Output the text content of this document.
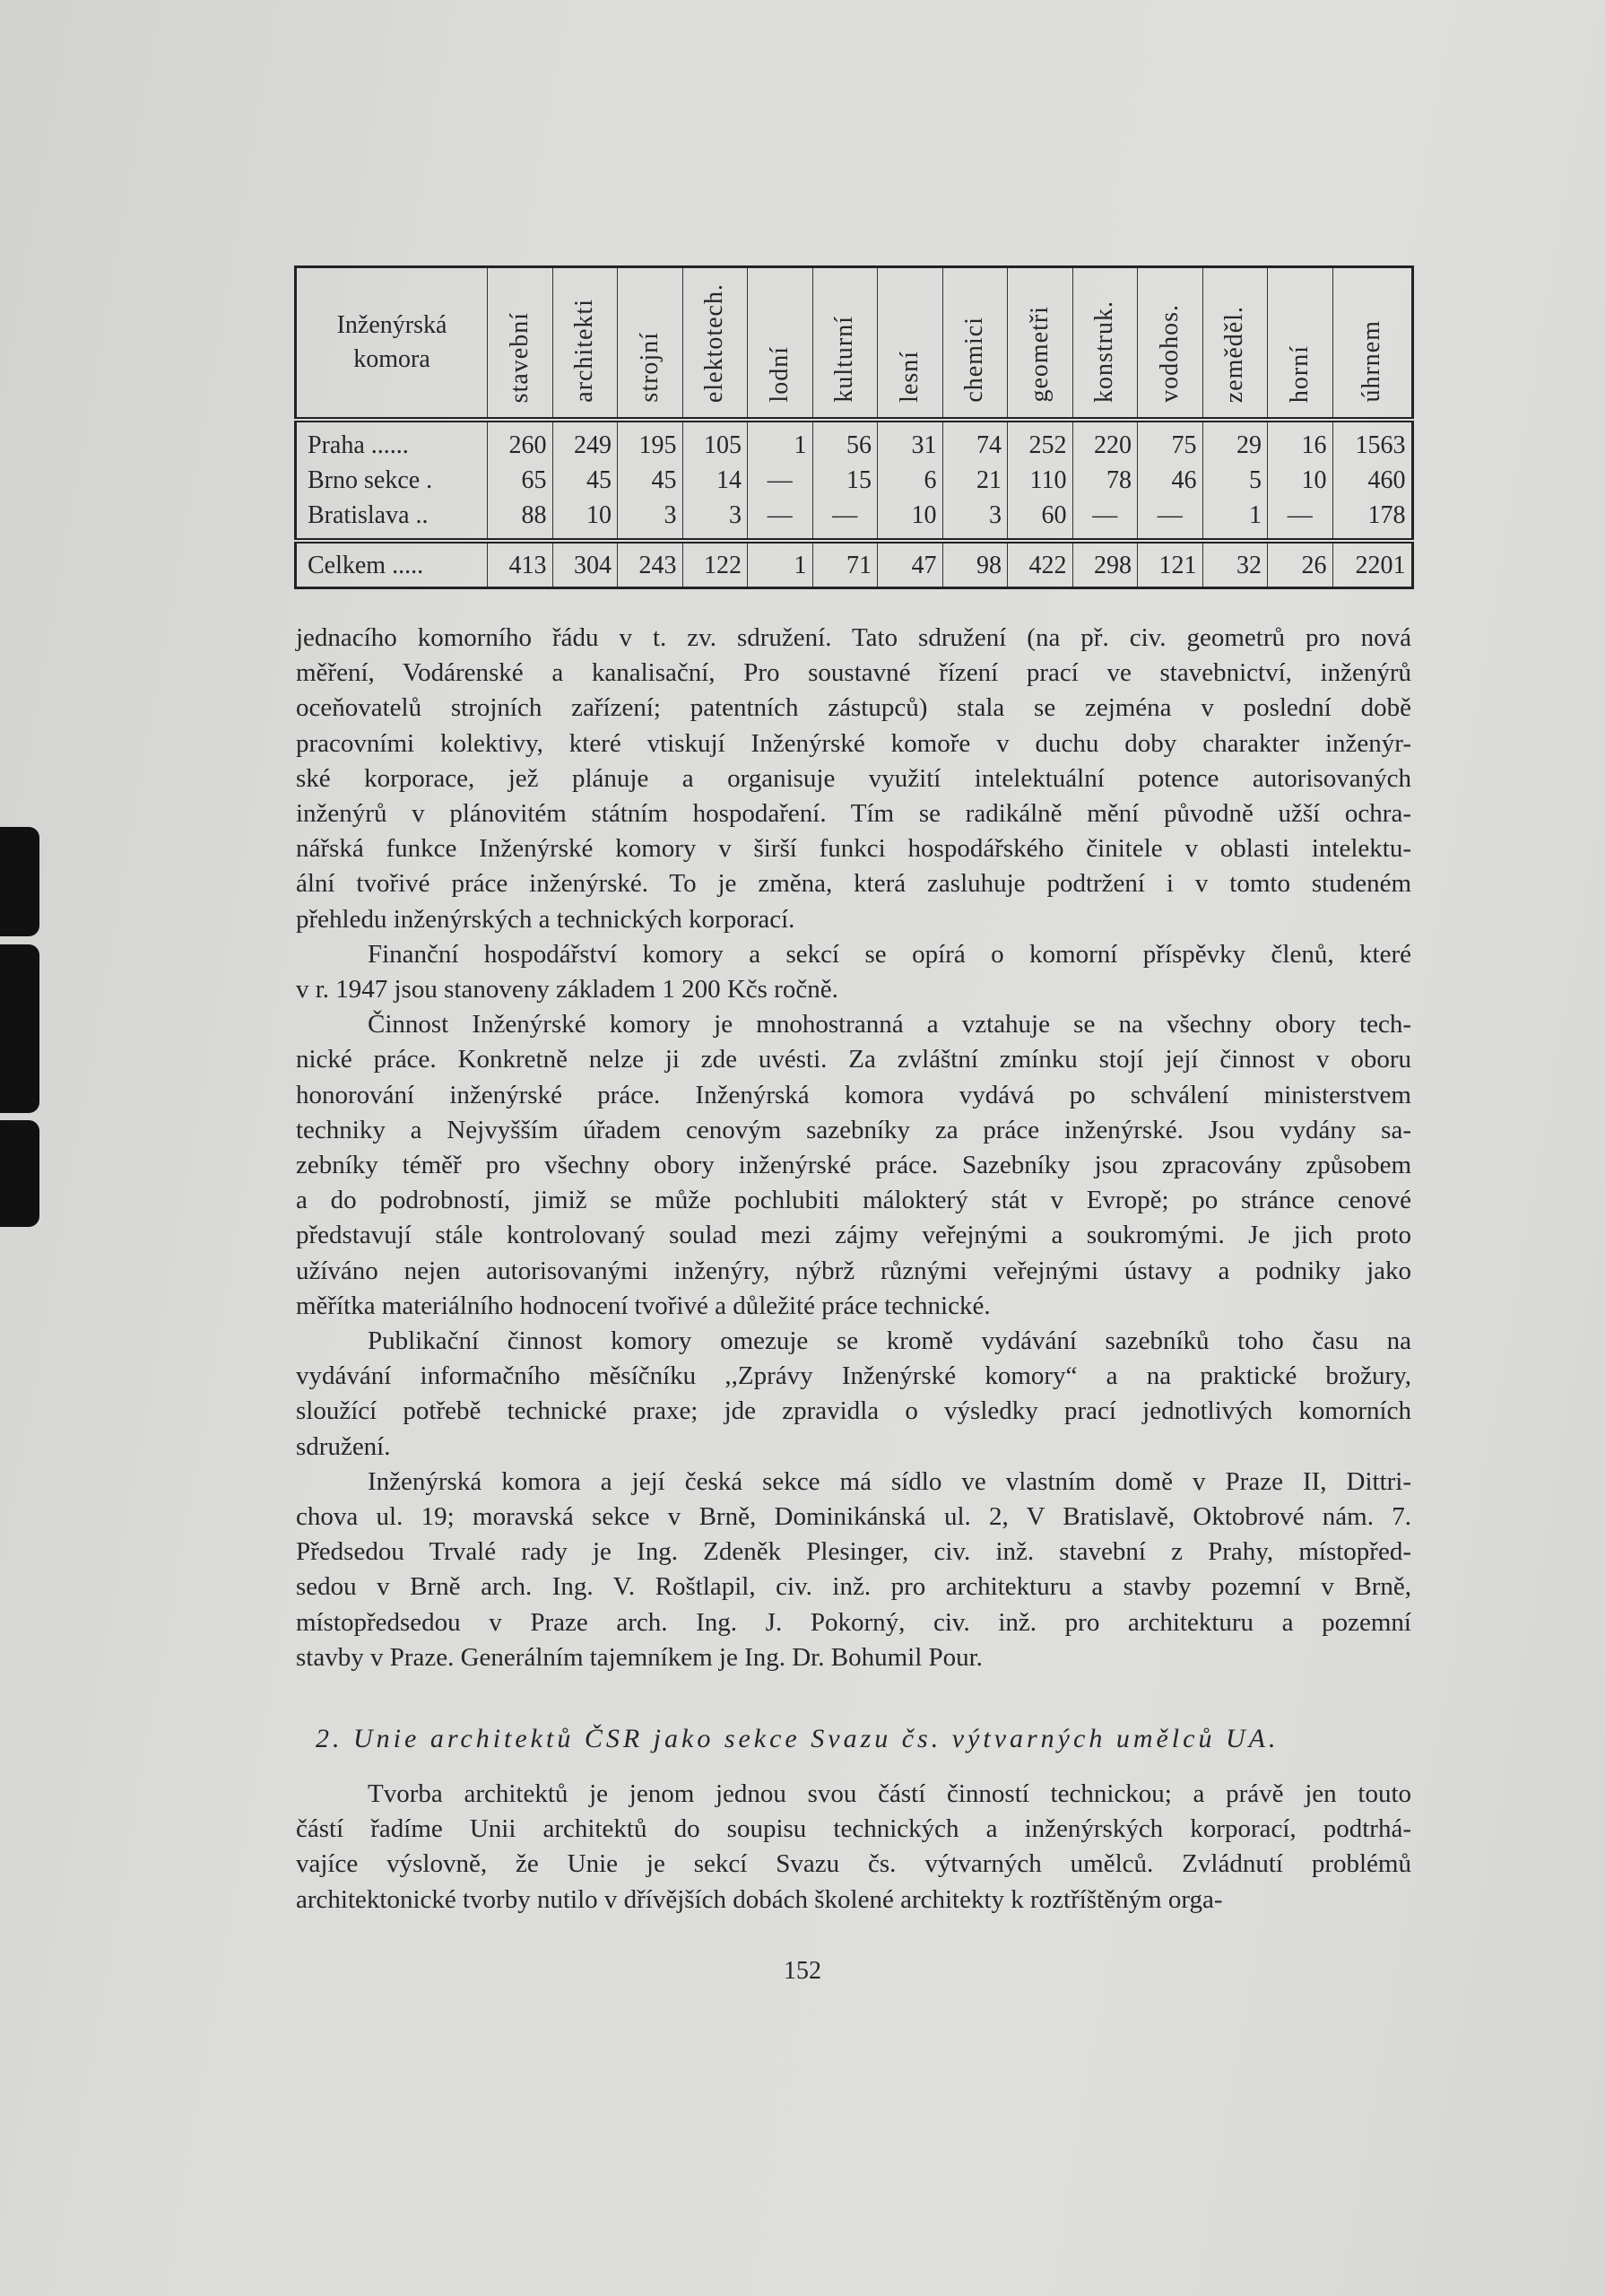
Inženýrská
komora	stavební	architekti	strojní	elektotech.	lodní	kulturní	lesní	chemici	geometři	konstruk.	vodohos.	zeměděl.	horní	úhrnem
Praha ......	260	249	195	105	1	56	31	74	252	220	75	29	16	1563
Brno sekce .	65	45	45	14	—	15	6	21	110	78	46	5	10	460
Bratislava ..	88	10	3	3	—	—	10	3	60	—	—	1	—	178
Celkem .....	413	304	243	122	1	71	47	98	422	298	121	32	26	2201
jednacího komorního řádu v t. zv. sdružení. Tato sdružení (na př. civ. geometrů pro nová
měření, Vodárenské a kanalisační, Pro soustavné řízení prací ve stavebnictví, inženýrů
oceňovatelů strojních zařízení; patentních zástupců) stala se zejména v poslední době
pracovními kolektivy, které vtiskují Inženýrské komoře v duchu doby charakter inženýr-
ské korporace, jež plánuje a organisuje využití intelektuální potence autorisovaných
inženýrů v plánovitém státním hospodaření. Tím se radikálně mění původně užší ochra-
nářská funkce Inženýrské komory v širší funkci hospodářského činitele v oblasti intelektu-
ální tvořivé práce inženýrské. To je změna, která zasluhuje podtržení i v tomto studeném
přehledu inženýrských a technických korporací.
Finanční hospodářství komory a sekcí se opírá o komorní příspěvky členů, které
v r. 1947 jsou stanoveny základem 1 200 Kčs ročně.
Činnost Inženýrské komory je mnohostranná a vztahuje se na všechny obory tech-
nické práce. Konkretně nelze ji zde uvésti. Za zvláštní zmínku stojí její činnost v oboru
honorování inženýrské práce. Inženýrská komora vydává po schválení ministerstvem
techniky a Nejvyšším úřadem cenovým sazebníky za práce inženýrské. Jsou vydány sa-
zebníky téměř pro všechny obory inženýrské práce. Sazebníky jsou zpracovány způsobem
a do podrobností, jimiž se může pochlubiti málokterý stát v Evropě; po stránce cenové
představují stále kontrolovaný soulad mezi zájmy veřejnými a soukromými. Je jich proto
užíváno nejen autorisovanými inženýry, nýbrž různými veřejnými ústavy a podniky jako
měřítka materiálního hodnocení tvořivé a důležité práce technické.
Publikační činnost komory omezuje se kromě vydávání sazebníků toho času na
vydávání informačního měsíčníku ,,Zprávy Inženýrské komory“ a na praktické brožury,
sloužící potřebě technické praxe; jde zpravidla o výsledky prací jednotlivých komorních
sdružení.
Inženýrská komora a její česká sekce má sídlo ve vlastním domě v Praze II, Dittri-
chova ul. 19; moravská sekce v Brně, Dominikánská ul. 2, V Bratislavě, Oktobrové nám. 7.
Předsedou Trvalé rady je Ing. Zdeněk Plesinger, civ. inž. stavební z Prahy, místopřed-
sedou v Brně arch. Ing. V. Roštlapil, civ. inž. pro architekturu a stavby pozemní v Brně,
místopředsedou v Praze arch. Ing. J. Pokorný, civ. inž. pro architekturu a pozemní
stavby v Praze. Generálním tajemníkem je Ing. Dr. Bohumil Pour.
Tvorba architektů je jenom jednou svou částí činností technickou; a právě jen touto
částí řadíme Unii architektů do soupisu technických a inženýrských korporací, podtrhá-
vajíce výslovně, že Unie je sekcí Svazu čs. výtvarných umělců. Zvládnutí problémů
architektonické tvorby nutilo v dřívějších dobách školené architekty k roztříštěným orga-
2. Unie architektů ČSR jako sekce Svazu čs. výtvarných umělců UA.
152
